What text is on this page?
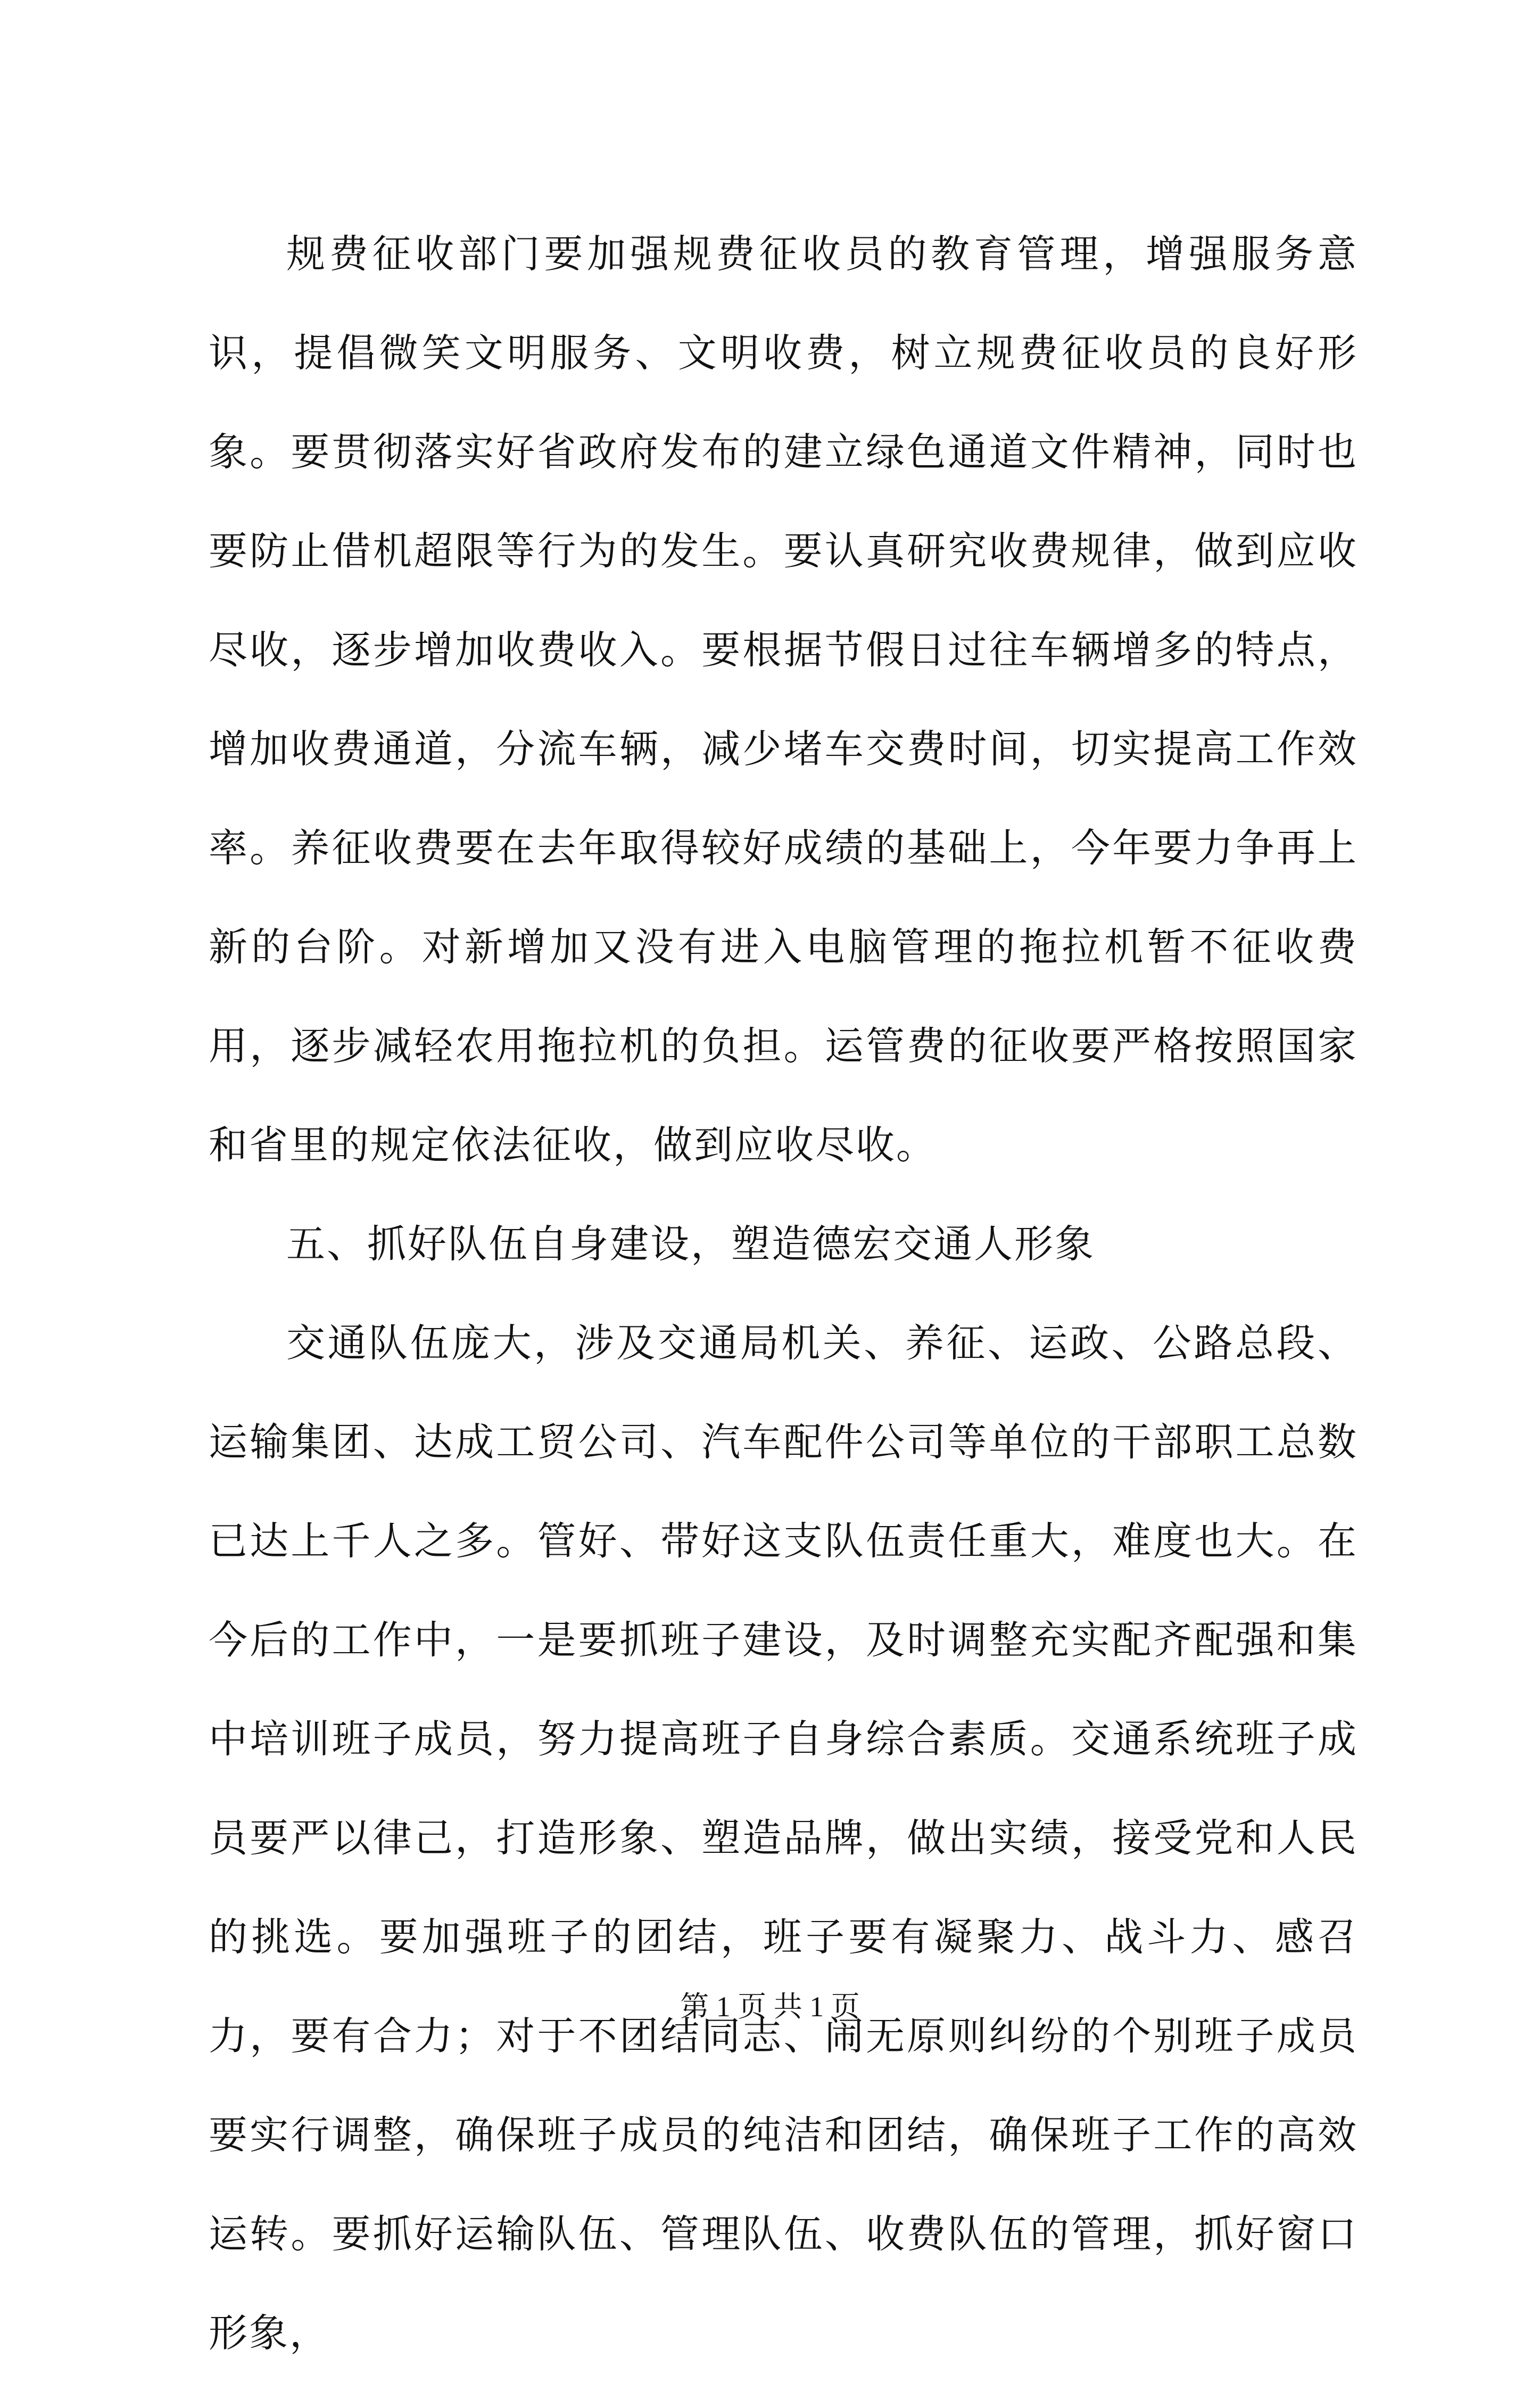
规费征收部门要加强规费征收员的教育管理，增强服务意识，提倡微笑文明服务、文明收费，树立规费征收员的良好形象。要贯彻落实好省政府发布的建立绿色通道文件精神，同时也要防止借机超限等行为的发生。要认真研究收费规律，做到应收尽收，逐步增加收费收入。要根据节假日过往车辆增多的特点，增加收费通道，分流车辆，减少堵车交费时间，切实提高工作效率。养征收费要在去年取得较好成绩的基础上，今年要力争再上新的台阶。对新增加又没有进入电脑管理的拖拉机暂不征收费用，逐步减轻农用拖拉机的负担。运管费的征收要严格按照国家和省里的规定依法征收，做到应收尽收。

五、抓好队伍自身建设，塑造德宏交通人形象

交通队伍庞大，涉及交通局机关、养征、运政、公路总段、运输集团、达成工贸公司、汽车配件公司等单位的干部职工总数已达上千人之多。管好、带好这支队伍责任重大，难度也大。在今后的工作中，一是要抓班子建设，及时调整充实配齐配强和集中培训班子成员，努力提高班子自身综合素质。交通系统班子成员要严以律己，打造形象、塑造品牌，做出实绩，接受党和人民的挑选。要加强班子的团结，班子要有凝聚力、战斗力、感召力，要有合力；对于不团结同志、闹无原则纠纷的个别班子成员要实行调整，确保班子成员的纯洁和团结，确保班子工作的高效运转。要抓好运输队伍、管理队伍、收费队伍的管理，抓好窗口形象，

第 1 页 共 1 页
